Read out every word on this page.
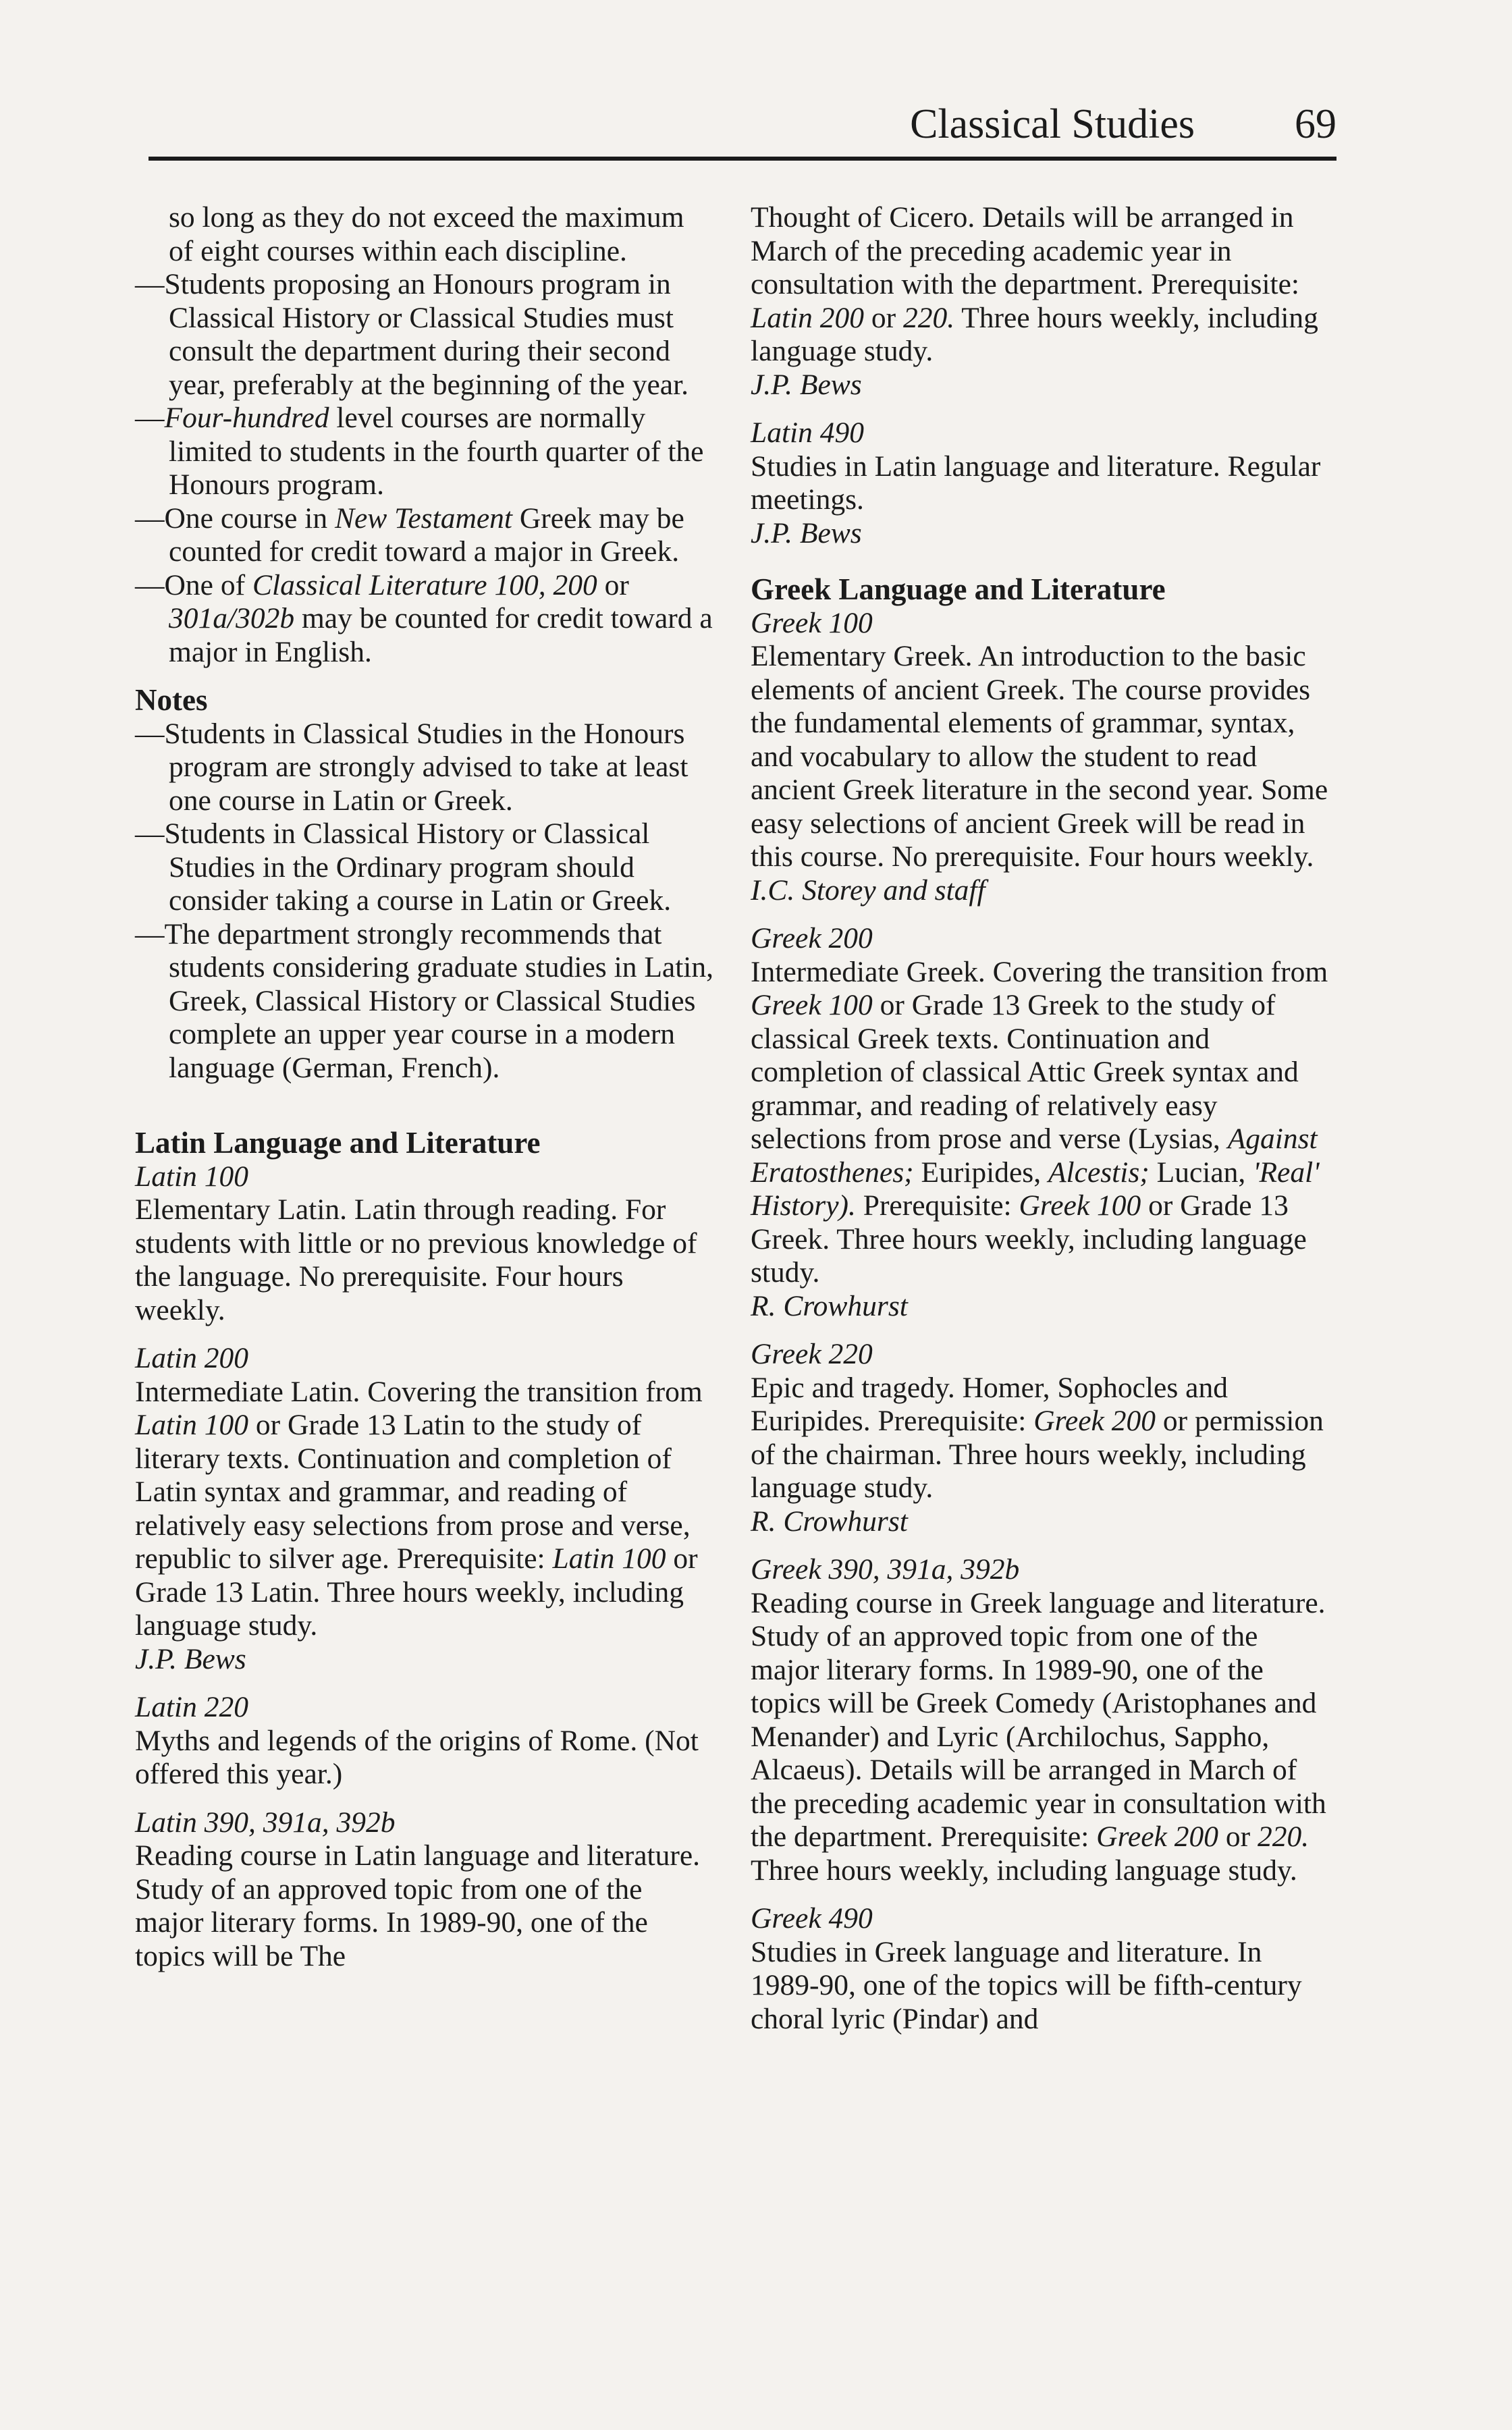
Classical Studies 69

so long as they do not exceed the maximum of eight courses within each discipline.

—Students proposing an Honours program in Classical History or Classical Studies must consult the department during their second year, preferably at the beginning of the year.
—Four-hundred level courses are normally limited to students in the fourth quarter of the Honours program.
—One course in New Testament Greek may be counted for credit toward a major in Greek.
—One of Classical Literature 100, 200 or 301a/302b may be counted for credit toward a major in English.

Notes

—Students in Classical Studies in the Honours program are strongly advised to take at least one course in Latin or Greek.
—Students in Classical History or Classical Studies in the Ordinary program should consider taking a course in Latin or Greek.
—The department strongly recommends that students considering graduate studies in Latin, Greek, Classical History or Classical Studies complete an upper year course in a modern language (German, French).

Latin Language and Literature

Latin 100

Elementary Latin. Latin through reading. For students with little or no previous knowledge of the language. No prerequisite. Four hours weekly.

Latin 200

Intermediate Latin. Covering the transition from Latin 100 or Grade 13 Latin to the study of literary texts. Continuation and completion of Latin syntax and grammar, and reading of relatively easy selections from prose and verse, republic to silver age. Prerequisite: Latin 100 or Grade 13 Latin. Three hours weekly, including language study.

J.P. Bews

Latin 220

Myths and legends of the origins of Rome. (Not offered this year.)

Latin 390, 391a, 392b

Reading course in Latin language and literature. Study of an approved topic from one of the major literary forms. In 1989-90, one of the topics will be The

Thought of Cicero. Details will be arranged in March of the preceding academic year in consultation with the department. Prerequisite: Latin 200 or 220. Three hours weekly, including language study.

J.P. Bews

Latin 490

Studies in Latin language and literature. Regular meetings.

J.P. Bews

Greek Language and Literature

Greek 100

Elementary Greek. An introduction to the basic elements of ancient Greek. The course provides the fundamental elements of grammar, syntax, and vocabulary to allow the student to read ancient Greek literature in the second year. Some easy selections of ancient Greek will be read in this course. No prerequisite. Four hours weekly.

I.C. Storey and staff

Greek 200

Intermediate Greek. Covering the transition from Greek 100 or Grade 13 Greek to the study of classical Greek texts. Continuation and completion of classical Attic Greek syntax and grammar, and reading of relatively easy selections from prose and verse (Lysias, Against Eratosthenes; Euripides, Alcestis; Lucian, 'Real' History). Prerequisite: Greek 100 or Grade 13 Greek. Three hours weekly, including language study.

R. Crowhurst

Greek 220

Epic and tragedy. Homer, Sophocles and Euripides. Prerequisite: Greek 200 or permission of the chairman. Three hours weekly, including language study.

R. Crowhurst

Greek 390, 391a, 392b

Reading course in Greek language and literature. Study of an approved topic from one of the major literary forms. In 1989-90, one of the topics will be Greek Comedy (Aristophanes and Menander) and Lyric (Archilochus, Sappho, Alcaeus). Details will be arranged in March of the preceding academic year in consultation with the department. Prerequisite: Greek 200 or 220. Three hours weekly, including language study.

Greek 490

Studies in Greek language and literature. In 1989-90, one of the topics will be fifth-century choral lyric (Pindar) and
